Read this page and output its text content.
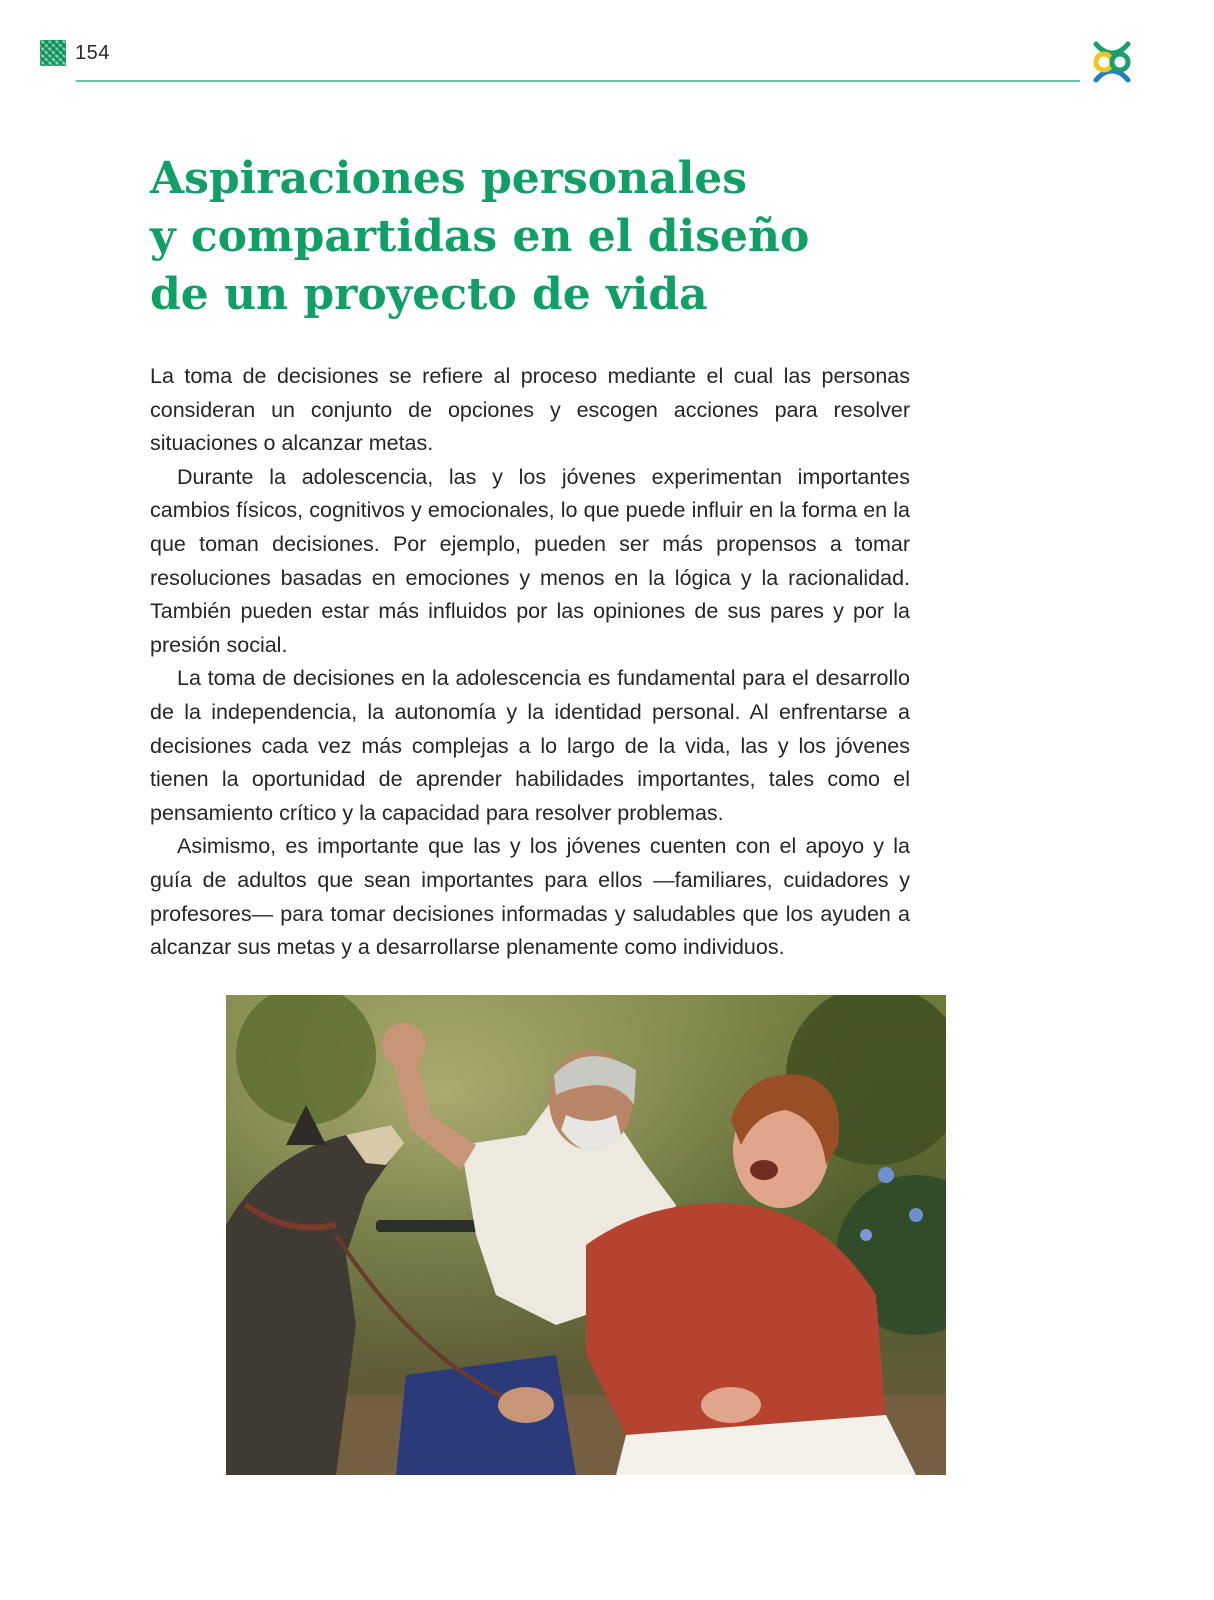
154
Aspiraciones personales
y compartidas en el diseño
de un proyecto de vida

La toma de decisiones se refiere al proceso mediante el cual las personas consideran un conjunto de opciones y escogen acciones para resolver situaciones o alcanzar metas.

Durante la adolescencia, las y los jóvenes experimentan importantes cambios físicos, cognitivos y emocionales, lo que puede influir en la forma en la que toman decisiones. Por ejemplo, pueden ser más propensos a tomar resoluciones basadas en emociones y menos en la lógica y la racionalidad. También pueden estar más influidos por las opiniones de sus pares y por la presión social.

La toma de decisiones en la adolescencia es fundamental para el desarrollo de la independencia, la autonomía y la identidad personal. Al enfrentarse a decisiones cada vez más complejas a lo largo de la vida, las y los jóvenes tienen la oportunidad de aprender habilidades importantes, tales como el pensamiento crítico y la capacidad para resolver problemas.

Asimismo, es importante que las y los jóvenes cuenten con el apoyo y la guía de adultos que sean importantes para ellos —familiares, cuidadores y profesores— para tomar decisiones informadas y saludables que los ayuden a alcanzar sus metas y a desarrollarse plenamente como individuos.
